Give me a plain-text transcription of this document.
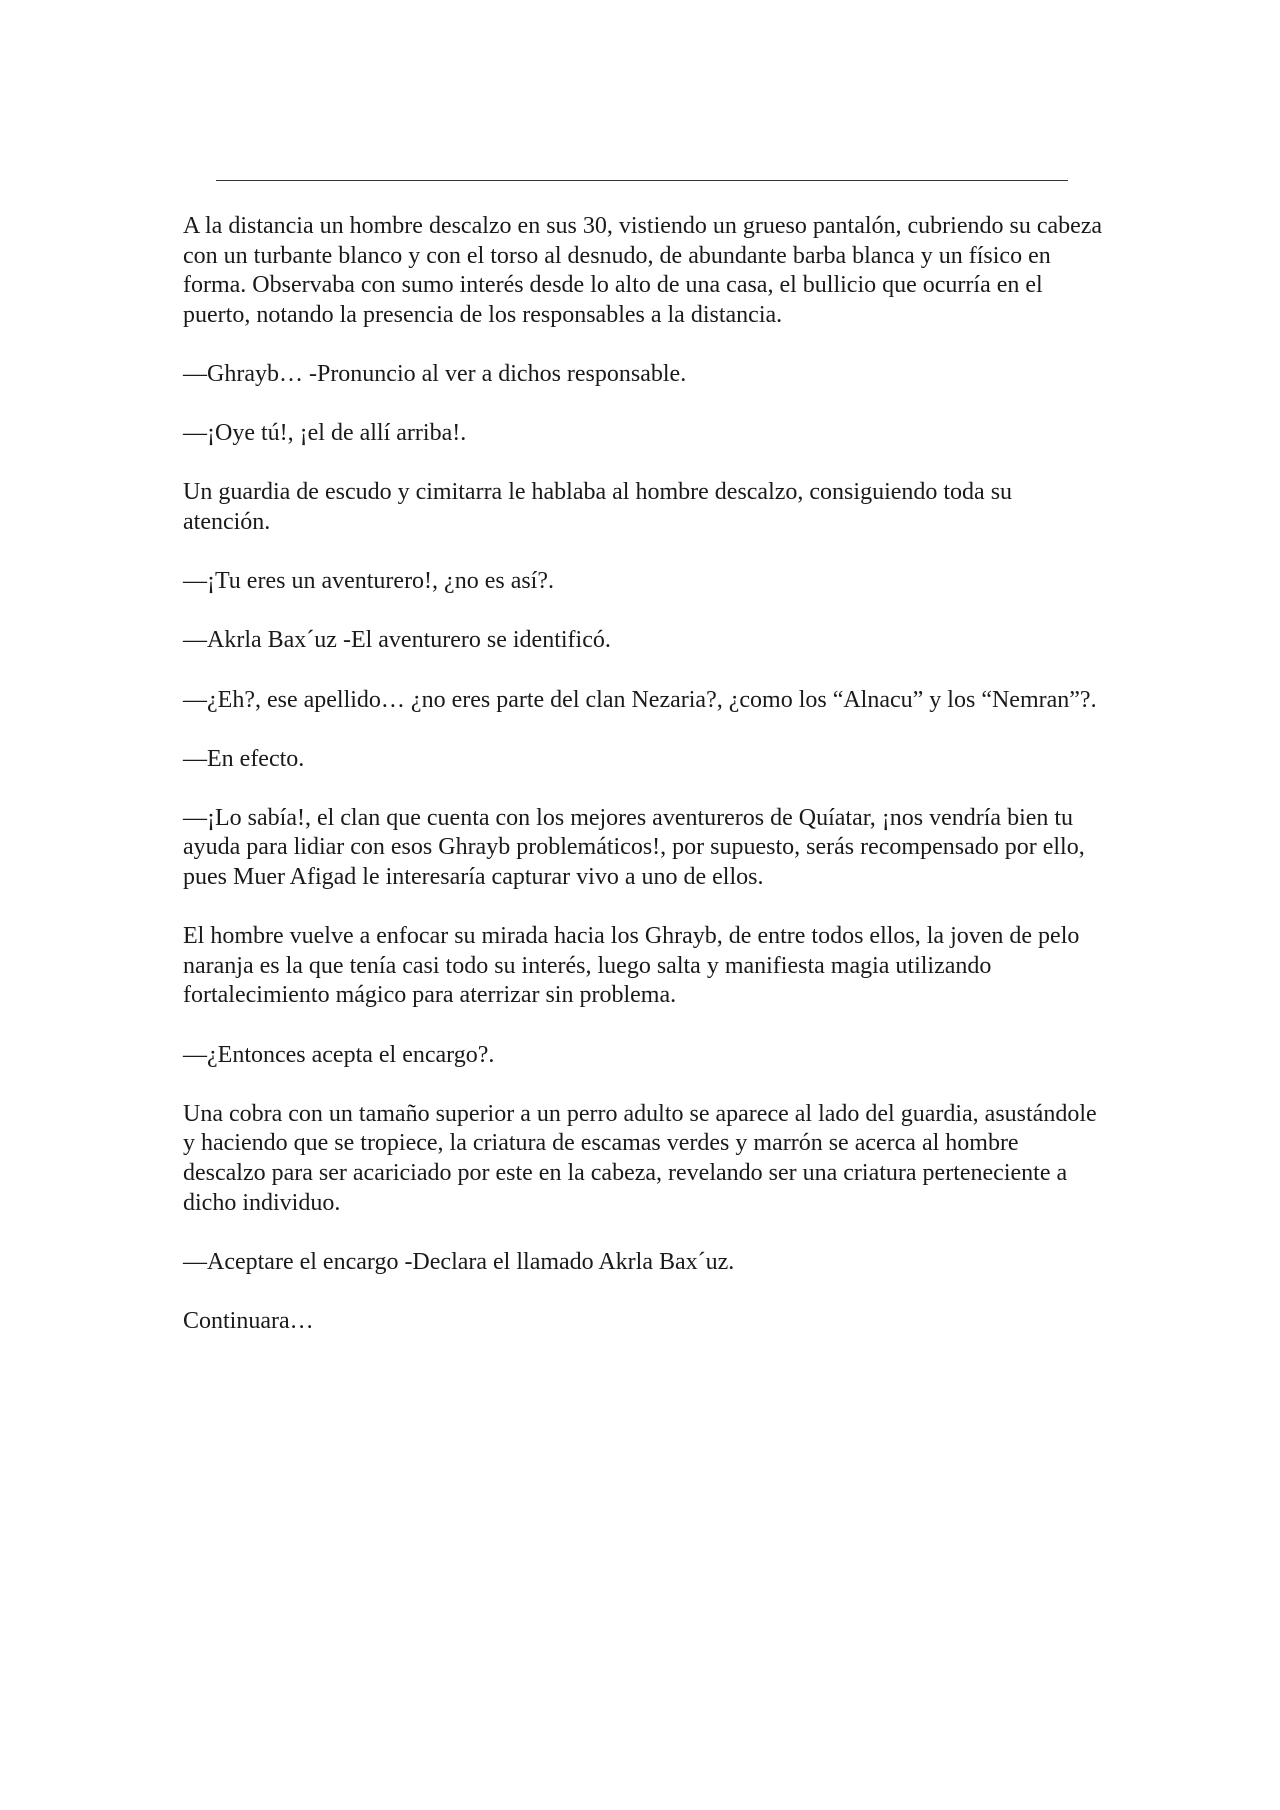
A la distancia un hombre descalzo en sus 30, vistiendo un grueso pantalón, cubriendo su cabeza con un turbante blanco y con el torso al desnudo, de abundante barba blanca y un físico en forma. Observaba con sumo interés desde lo alto de una casa, el bullicio que ocurría en el puerto, notando la presencia de los responsables a la distancia.

—Ghrayb… -Pronuncio al ver a dichos responsable.

—¡Oye tú!, ¡el de allí arriba!.

Un guardia de escudo y cimitarra le hablaba al hombre descalzo, consiguiendo toda su atención.

—¡Tu eres un aventurero!, ¿no es así?.

—Akrla Bax´uz -El aventurero se identificó.

—¿Eh?, ese apellido… ¿no eres parte del clan Nezaria?, ¿como los “Alnacu” y los “Nemran”?.

—En efecto.

—¡Lo sabía!, el clan que cuenta con los mejores aventureros de Quíatar, ¡nos vendría bien tu ayuda para lidiar con esos Ghrayb problemáticos!, por supuesto, serás recompensado por ello, pues Muer Afigad le interesaría capturar vivo a uno de ellos.

El hombre vuelve a enfocar su mirada hacia los Ghrayb, de entre todos ellos, la joven de pelo naranja es la que tenía casi todo su interés, luego salta y manifiesta magia utilizando fortalecimiento mágico para aterrizar sin problema.

—¿Entonces acepta el encargo?.

Una cobra con un tamaño superior a un perro adulto se aparece al lado del guardia, asustándole y haciendo que se tropiece, la criatura de escamas verdes y marrón se acerca al hombre descalzo para ser acariciado por este en la cabeza, revelando ser una criatura perteneciente a dicho individuo.

—Aceptare el encargo -Declara el llamado Akrla Bax´uz.

Continuara…
